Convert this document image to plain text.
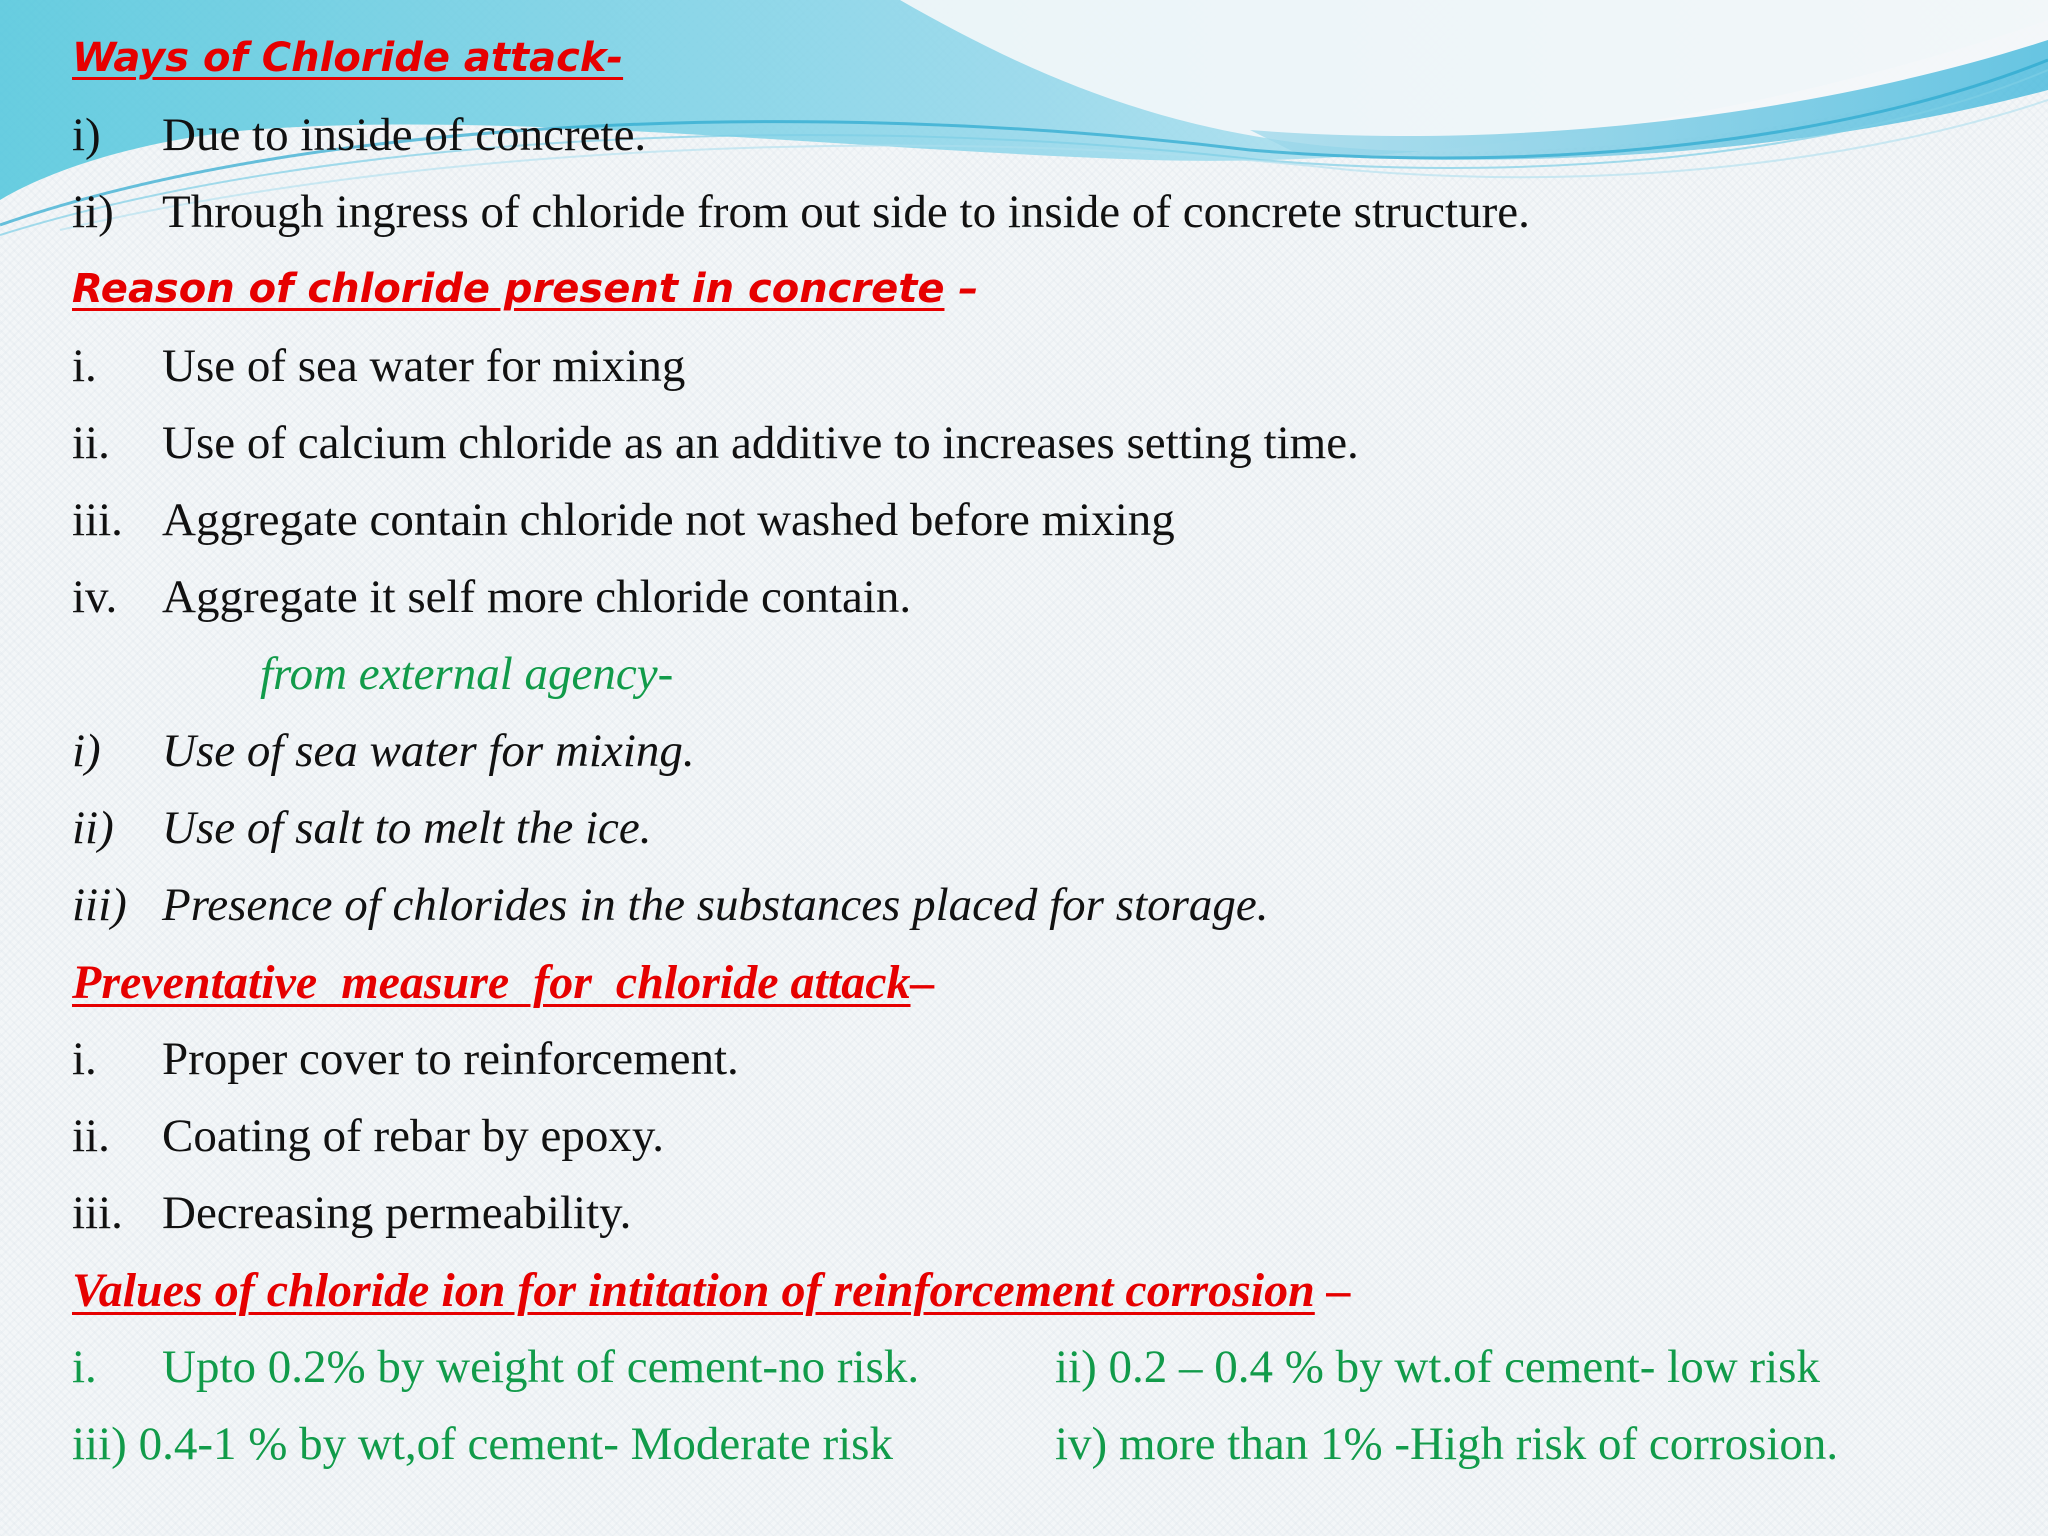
Ways of Chloride attack-
i) Due to inside of concrete.
ii) Through ingress of chloride from out side to inside of concrete structure.
Reason of chloride present in concrete –
i. Use of sea water for mixing
ii. Use of calcium chloride as an additive to increases setting time.
iii. Aggregate contain chloride not washed before mixing
iv. Aggregate it self more chloride contain.
from external agency-
i) Use of sea water for mixing.
ii) Use of salt to melt the ice.
iii) Presence of chlorides in the substances placed for storage.
Preventative  measure  for  chloride attack–
i. Proper cover to reinforcement.
ii. Coating of rebar by epoxy.
iii. Decreasing permeability.
Values of chloride ion for intitation of reinforcement corrosion –
i. Upto 0.2% by weight of cement-no risk.	ii) 0.2 – 0.4 % by wt.of cement- low risk
iii) 0.4-1 % by wt,of cement- Moderate risk	iv) more than 1% -High risk of corrosion.
